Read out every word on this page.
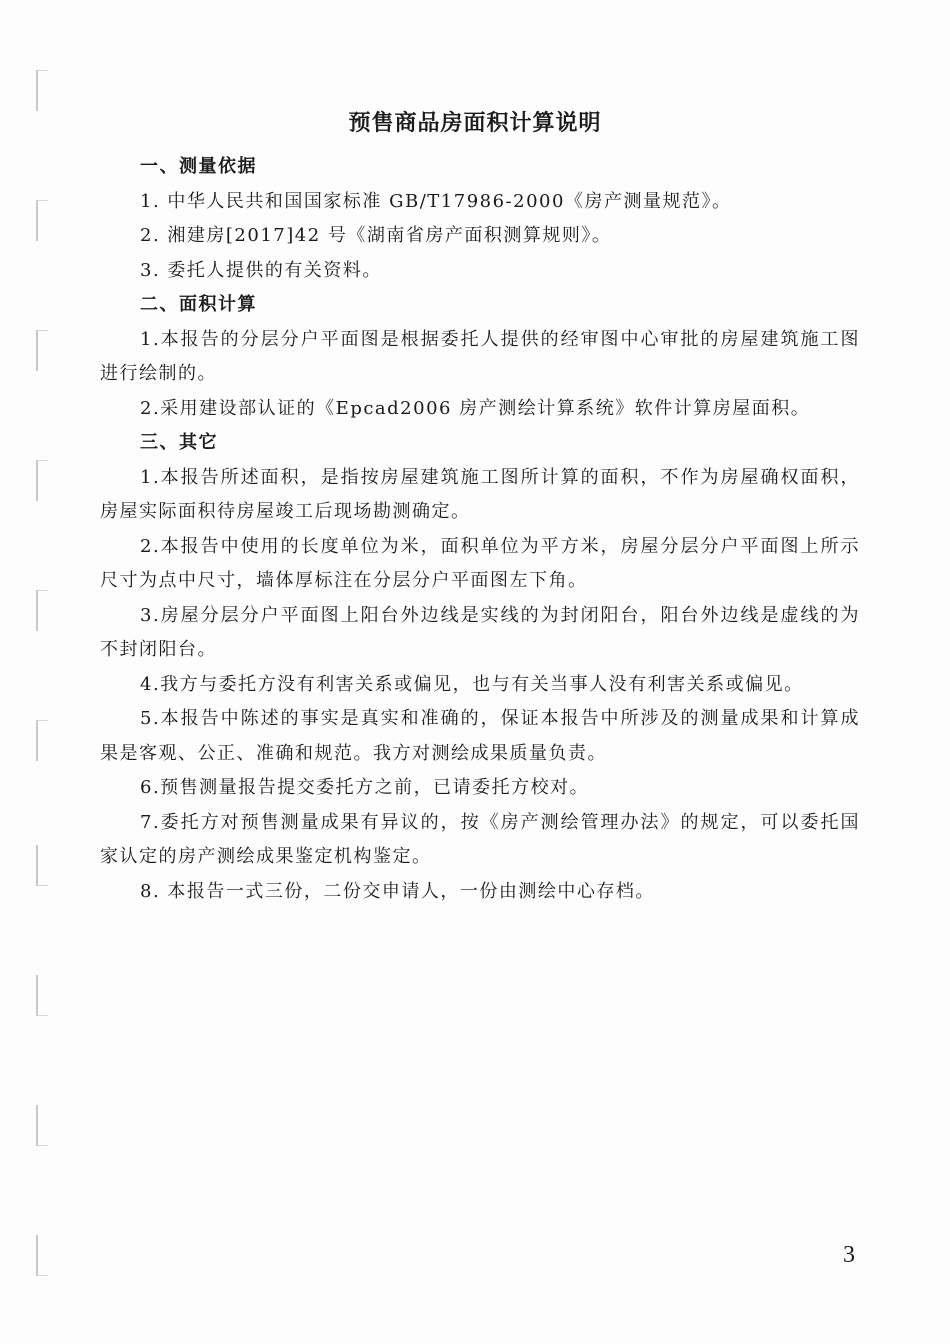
预售商品房面积计算说明
一、测量依据

1. 中华人民共和国国家标准 GB/T17986-2000《房产测量规范》。

2. 湘建房[2017]42 号《湖南省房产面积测算规则》。

3. 委托人提供的有关资料。

二、面积计算

1.本报告的分层分户平面图是根据委托人提供的经审图中心审批的房屋建筑施工图进行绘制的。

2.采用建设部认证的《Epcad2006 房产测绘计算系统》软件计算房屋面积。

三、其它

1.本报告所述面积，是指按房屋建筑施工图所计算的面积，不作为房屋确权面积，房屋实际面积待房屋竣工后现场勘测确定。

2.本报告中使用的长度单位为米，面积单位为平方米，房屋分层分户平面图上所示尺寸为点中尺寸，墙体厚标注在分层分户平面图左下角。

3.房屋分层分户平面图上阳台外边线是实线的为封闭阳台，阳台外边线是虚线的为不封闭阳台。

4.我方与委托方没有利害关系或偏见，也与有关当事人没有利害关系或偏见。

5.本报告中陈述的事实是真实和准确的，保证本报告中所涉及的测量成果和计算成果是客观、公正、准确和规范。我方对测绘成果质量负责。

6.预售测量报告提交委托方之前，已请委托方校对。

7.委托方对预售测量成果有异议的，按《房产测绘管理办法》的规定，可以委托国家认定的房产测绘成果鉴定机构鉴定。

8. 本报告一式三份，二份交申请人，一份由测绘中心存档。

3
